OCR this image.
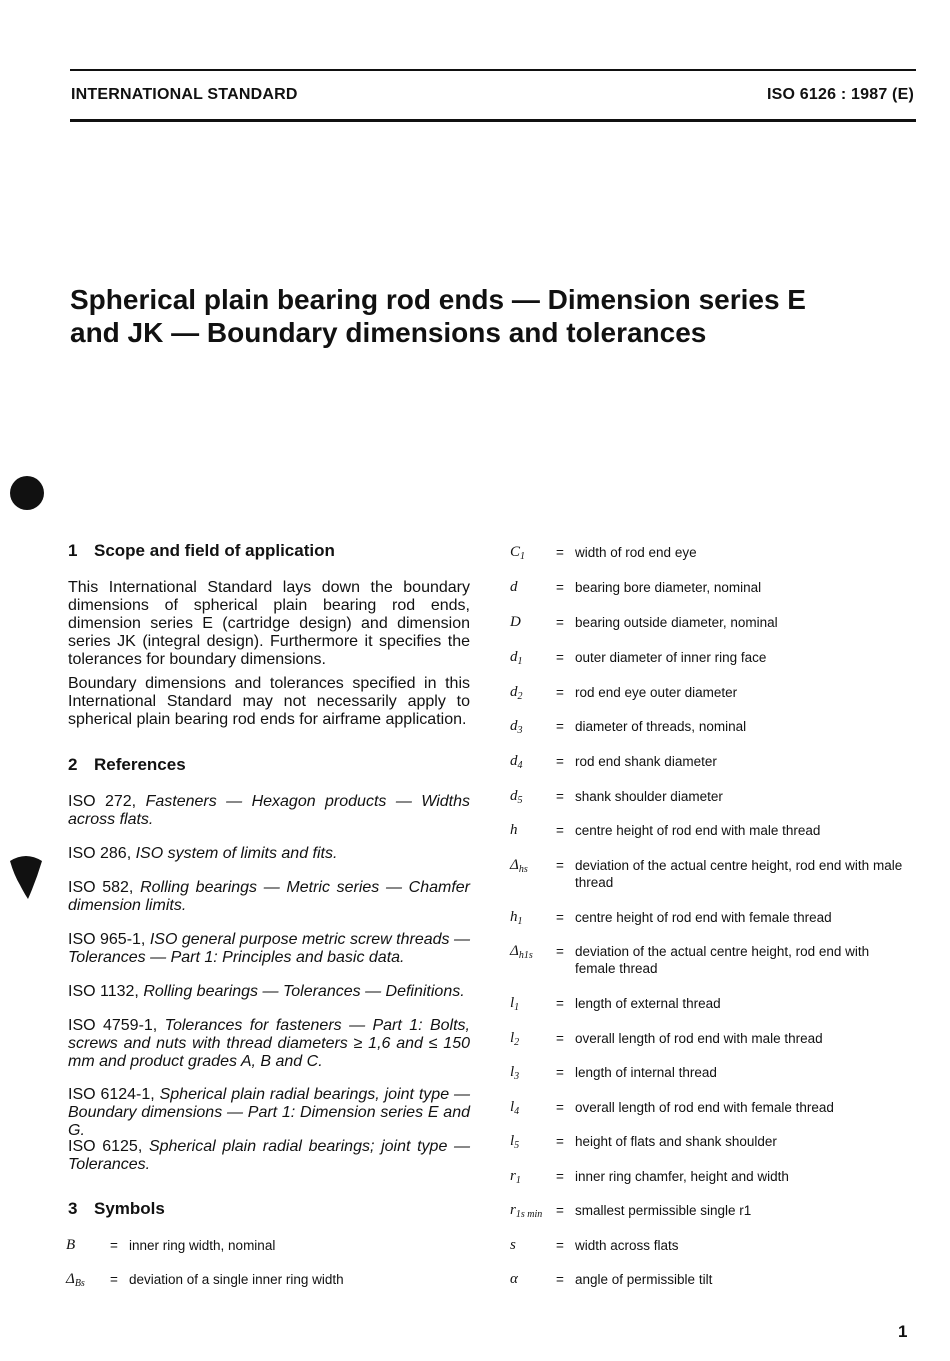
INTERNATIONAL STANDARD	ISO 6126 : 1987 (E)
Spherical plain bearing rod ends — Dimension series E
and JK — Boundary dimensions and tolerances
1 Scope and field of application

This International Standard lays down the boundary dimensions of spherical plain bearing rod ends, dimension series E (cartridge design) and dimension series JK (integral design). Furthermore it specifies the tolerances for boundary dimensions.

Boundary dimensions and tolerances specified in this International Standard may not necessarily apply to spherical plain bearing rod ends for airframe application.

2 References

ISO 272, Fasteners — Hexagon products — Widths across flats.

ISO 286, ISO system of limits and fits.

ISO 582, Rolling bearings — Metric series — Chamfer dimension limits.

ISO 965-1, ISO general purpose metric screw threads — Tolerances — Part 1: Principles and basic data.

ISO 1132, Rolling bearings — Tolerances — Definitions.

ISO 4759-1, Tolerances for fasteners — Part 1: Bolts, screws and nuts with thread diameters ≥ 1,6 and ≤ 150 mm and product grades A, B and C.

ISO 6124-1, Spherical plain radial bearings, joint type — Boundary dimensions — Part 1: Dimension series E and G.

ISO 6125, Spherical plain radial bearings; joint type — Tolerances.

3 Symbols
B	= inner ring width, nominal
$\Delta_{Bs}$ = deviation of a single inner ring width
$C_1$ = width of rod end eye
d	= bearing bore diameter, nominal
D	= bearing outside diameter, nominal
$d_1$ = outer diameter of inner ring face
$d_2$ = rod end eye outer diameter
$d_3$ = diameter of threads, nominal
$d_4$ = rod end shank diameter
$d_5$ = shank shoulder diameter
h	= centre height of rod end with male thread
$\Delta_{hs}$ = deviation of the actual centre height, rod end with male thread
$h_1$ = centre height of rod end with female thread
$\Delta_{h1s}$ = deviation of the actual centre height, rod end with female thread
$l_1$	= length of external thread
$l_2$	= overall length of rod end with male thread
$l_3$	= length of internal thread
$l_4$	= overall length of rod end with female thread
$l_5$	= height of flats and shank shoulder
$r_1$	= inner ring chamfer, height and width
$r_{1s min}$ = smallest permissible single r1
s	= width across flats
α	= angle of permissible tilt
1
